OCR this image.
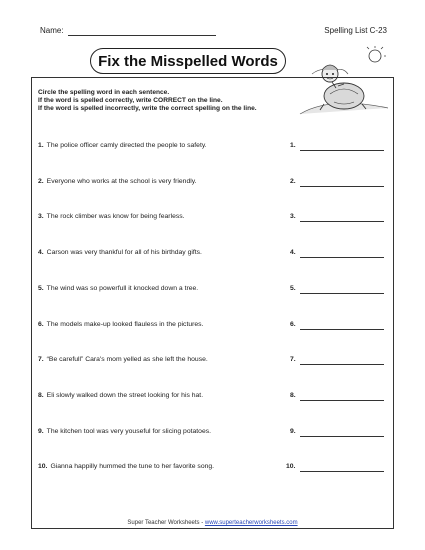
Name:	Spelling List C-23
Fix the Misspelled Words
Circle the spelling word in each sentence.
If the word is spelled correctly, write CORRECT on the line.
If the word is spelled incorrectly, write the correct spelling on the line.
1. The police officer camly directed the people to safety.	1.
2. Everyone who works at the school is very friendly.	2.
3. The rock climber was know for being fearless.	3.
4. Carson was very thankful for all of his birthday gifts.	4.
5. The wind was so powerfull it knocked down a tree.	5.
6. The models make-up looked flauless in the pictures.	6.
7. “Be carefull” Cara's mom yelled as she left the house.	7.
8. Eli slowly walked down the street looking for his hat.	8.
9. The kitchen tool was very youseful for slicing potatoes.	9.
10. Gianna happilly hummed the tune to her favorite song.	10.
Super Teacher Worksheets - www.superteacherworksheets.com
